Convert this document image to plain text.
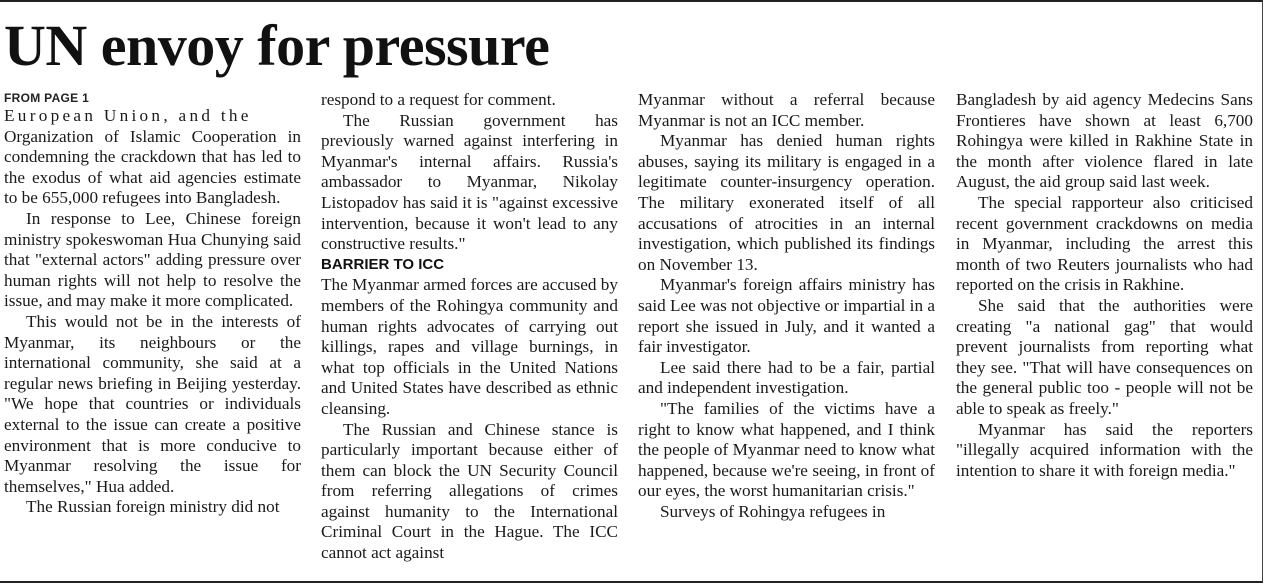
UN envoy for pressure
FROM PAGE 1

European Union, and the

Organization of Islamic Cooperation in condemning the crackdown that has led to the exodus of what aid agencies estimate to be 655,000 refugees into Bangladesh.

In response to Lee, Chinese foreign ministry spokeswoman Hua Chunying said that "external actors" adding pressure over human rights will not help to resolve the issue, and may make it more complicated.

This would not be in the interests of Myanmar, its neighbours or the international community, she said at a regular news briefing in Beijing yesterday. "We hope that countries or individuals external to the issue can create a positive environment that is more conducive to Myanmar resolving the issue for themselves," Hua added.

The Russian foreign ministry did not

respond to a request for comment.

The Russian government has previously warned against interfering in Myanmar's internal affairs. Russia's ambassador to Myanmar, Nikolay Listopadov has said it is "against excessive intervention, because it won't lead to any constructive results."

BARRIER TO ICC

The Myanmar armed forces are accused by members of the Rohingya community and human rights advocates of carrying out killings, rapes and village burnings, in what top officials in the United Nations and United States have described as ethnic cleansing.

The Russian and Chinese stance is particularly important because either of them can block the UN Security Council from referring allegations of crimes against humanity to the International Criminal Court in the Hague. The ICC cannot act against

Myanmar without a referral because Myanmar is not an ICC member.

Myanmar has denied human rights abuses, saying its military is engaged in a legitimate counter-insurgency operation. The military exonerated itself of all accusations of atrocities in an internal investigation, which published its findings on November 13.

Myanmar's foreign affairs ministry has said Lee was not objective or impartial in a report she issued in July, and it wanted a fair investigator.

Lee said there had to be a fair, partial and independent investigation.

"The families of the victims have a right to know what happened, and I think the people of Myanmar need to know what happened, because we're seeing, in front of our eyes, the worst humanitarian crisis."

Surveys of Rohingya refugees in

Bangladesh by aid agency Medecins Sans Frontieres have shown at least 6,700 Rohingya were killed in Rakhine State in the month after violence flared in late August, the aid group said last week.

The special rapporteur also criticised recent government crackdowns on media in Myanmar, including the arrest this month of two Reuters journalists who had reported on the crisis in Rakhine.

She said that the authorities were creating "a national gag" that would prevent journalists from reporting what they see. "That will have consequences on the general public too - people will not be able to speak as freely."

Myanmar has said the reporters "illegally acquired information with the intention to share it with foreign media."
